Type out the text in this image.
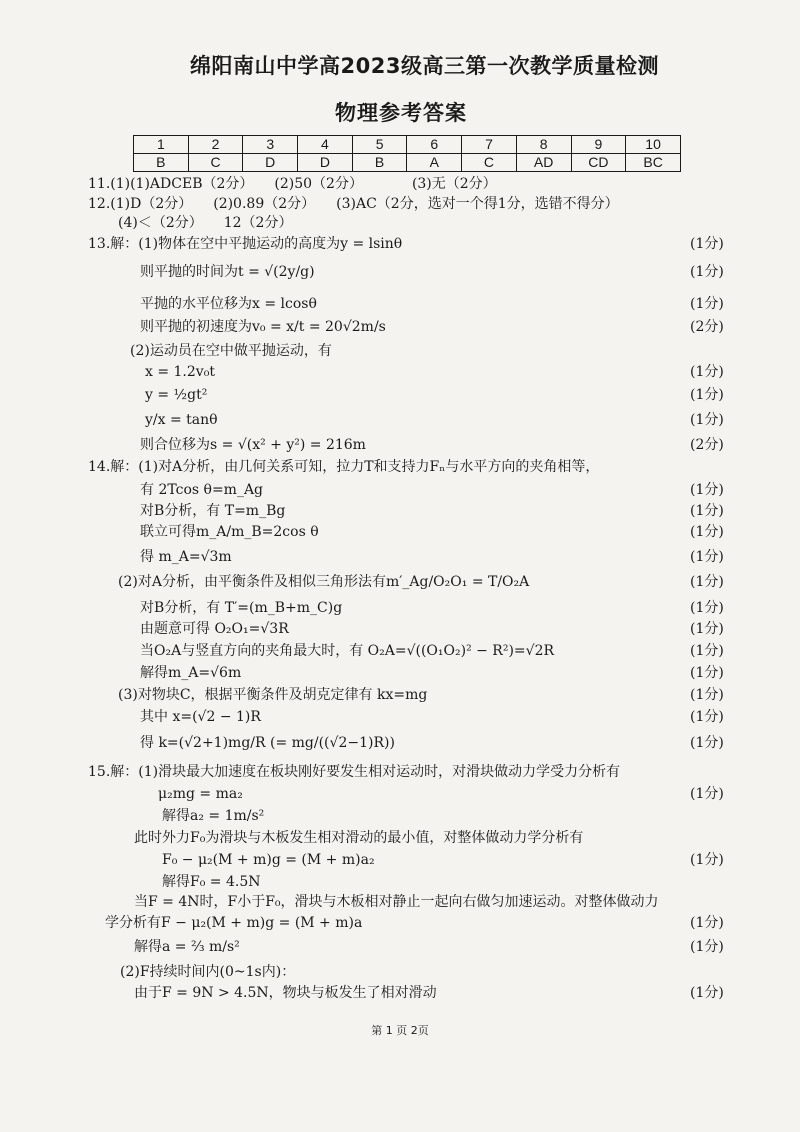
绵阳南山中学高2023级高三第一次教学质量检测
物理参考答案
1	2	3	4	5	6	7	8	9	10
B	C	D	D	B	A	C	AD	CD	BC
11.(1)(1)ADCEB（2分）　　(2)50（2分）　　　　(3)无（2分）
12.(1)D（2分）　　(2)0.89（2分）　　(3)AC（2分，选对一个得1分，选错不得分）
(4)＜（2分）　　12（2分）
13.解：(1)物体在空中平抛运动的高度为y = lsinθ	(1分)
则平抛的时间为t = √(2y/g)	(1分)
平抛的水平位移为x = lcosθ	(1分)
则平抛的初速度为v₀ = x/t = 20√2m/s	(2分)
(2)运动员在空中做平抛运动，有
x = 1.2v₀t	(1分)
y = ½gt²	(1分)
y/x = tanθ	(1分)
则合位移为s = √(x² + y²) = 216m	(2分)
14.解：(1)对A分析，由几何关系可知，拉力T和支持力Fₙ与水平方向的夹角相等，
有 2Tcos θ=m_Ag	(1分)
对B分析，有 T=m_Bg	(1分)
联立可得m_A/m_B=2cos θ	(1分)
得 m_A=√3m	(1分)
(2)对A分析，由平衡条件及相似三角形法有m′_Ag/O₂O₁ = T/O₂A	(1分)
对B分析，有 T′=(m_B+m_C)g	(1分)
由题意可得 O₂O₁=√3R	(1分)
当O₂A与竖直方向的夹角最大时，有 O₂A=√((O₁O₂)² − R²)=√2R	(1分)
解得m_A=√6m	(1分)
(3)对物块C，根据平衡条件及胡克定律有 kx=mg	(1分)
其中 x=(√2 − 1)R	(1分)
得 k=(√2+1)mg/R (= mg/((√2−1)R))	(1分)
15.解：(1)滑块最大加速度在板块刚好要发生相对运动时，对滑块做动力学受力分析有
μ₂mg = ma₂	(1分)
解得a₂ = 1m/s²
此时外力F₀为滑块与木板发生相对滑动的最小值，对整体做动力学分析有
F₀ − μ₂(M + m)g = (M + m)a₂	(1分)
解得F₀ = 4.5N
当F = 4N时，F小于F₀，滑块与木板相对静止一起向右做匀加速运动。对整体做动力
学分析有F − μ₂(M + m)g = (M + m)a	(1分)
解得a = ⅔ m/s²	(1分)
(2)F持续时间内(0~1s内)：
由于F = 9N > 4.5N，物块与板发生了相对滑动	(1分)
第 1 页 2页
